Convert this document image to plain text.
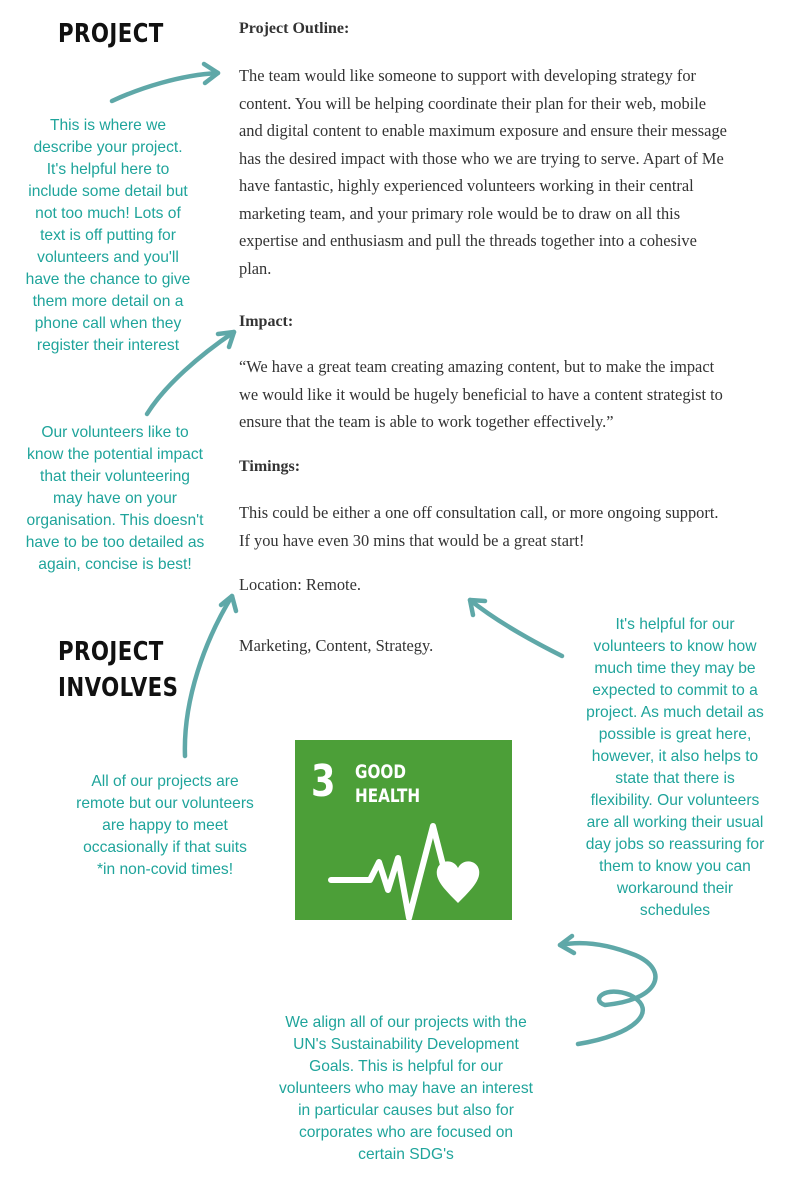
PROJECT
PROJECT
INVOLVES

Project Outline:

The team would like someone to support with developing strategy for
content. You will be helping coordinate their plan for their web, mobile
and digital content to enable maximum exposure and ensure their message
has the desired impact with those who we are trying to serve. Apart of Me
have fantastic, highly experienced volunteers working in their central
marketing team, and your primary role would be to draw on all this
expertise and enthusiasm and pull the threads together into a cohesive
plan.

Impact:

“We have a great team creating amazing content, but to make the impact
we would like it would be hugely beneficial to have a content strategist to
ensure that the team is able to work together effectively.”

Timings:

This could be either a one off consultation call, or more ongoing support.
If you have even 30 mins that would be a great start!

Location: Remote.

Marketing, Content, Strategy.

This is where we
describe your project.
It's helpful here to
include some detail but
not too much! Lots of
text is off putting for
volunteers and you'll
have the chance to give
them more detail on a
phone call when they
register their interest
Our volunteers like to
know the potential impact
that their volunteering
may have on your
organisation. This doesn't
have to be too detailed as
again, concise is best!
All of our projects are
remote but our volunteers
are happy to meet
occasionally if that suits
*in non-covid times!
It's helpful for our
volunteers to know how
much time they may be
expected to commit to a
project. As much detail as
possible is great here,
however, it also helps to
state that there is
flexibility. Our volunteers
are all working their usual
day jobs so reassuring for
them to know you can
workaround their
schedules
We align all of our projects with the
UN's Sustainability Development
Goals. This is helpful for our
volunteers who may have an interest
in particular causes but also for
corporates who are focused on
certain SDG's
3 GOOD
HEALTH
